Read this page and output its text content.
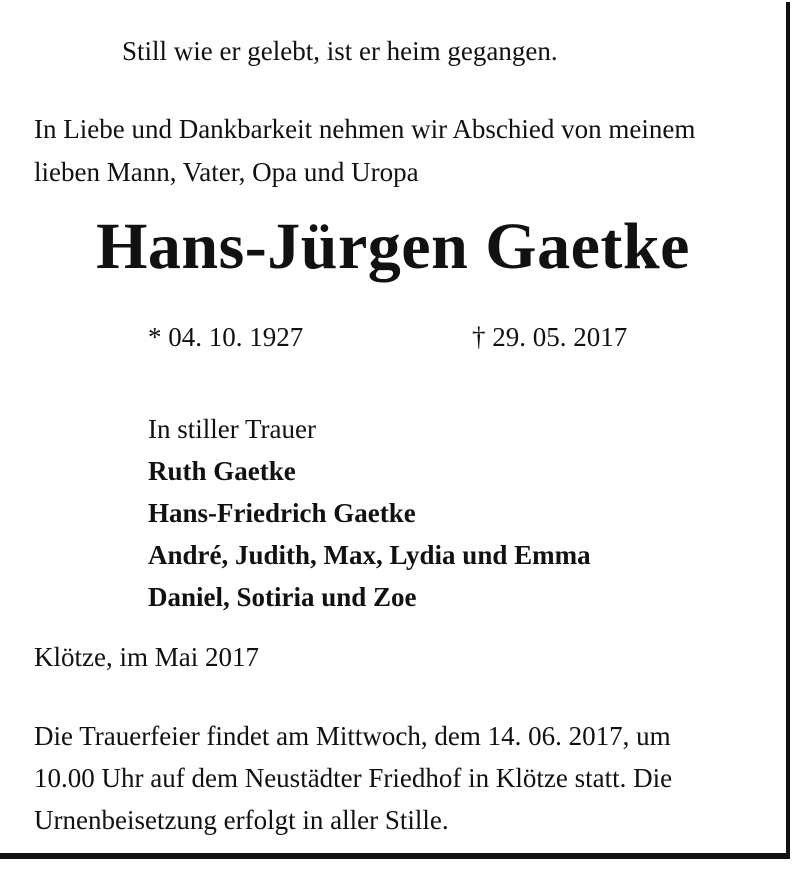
Still wie er gelebt, ist er heim gegangen.
In Liebe und Dankbarkeit nehmen wir Abschied von meinem
lieben Mann, Vater, Opa und Uropa
Hans-Jürgen Gaetke
* 04. 10. 1927	† 29. 05. 2017
In stiller Trauer
Ruth Gaetke
Hans-Friedrich Gaetke
André, Judith, Max, Lydia und Emma
Daniel, Sotiria und Zoe
Klötze, im Mai 2017
Die Trauerfeier findet am Mittwoch, dem 14. 06. 2017, um
10.00 Uhr auf dem Neustädter Friedhof in Klötze statt. Die
Urnenbeisetzung erfolgt in aller Stille.
